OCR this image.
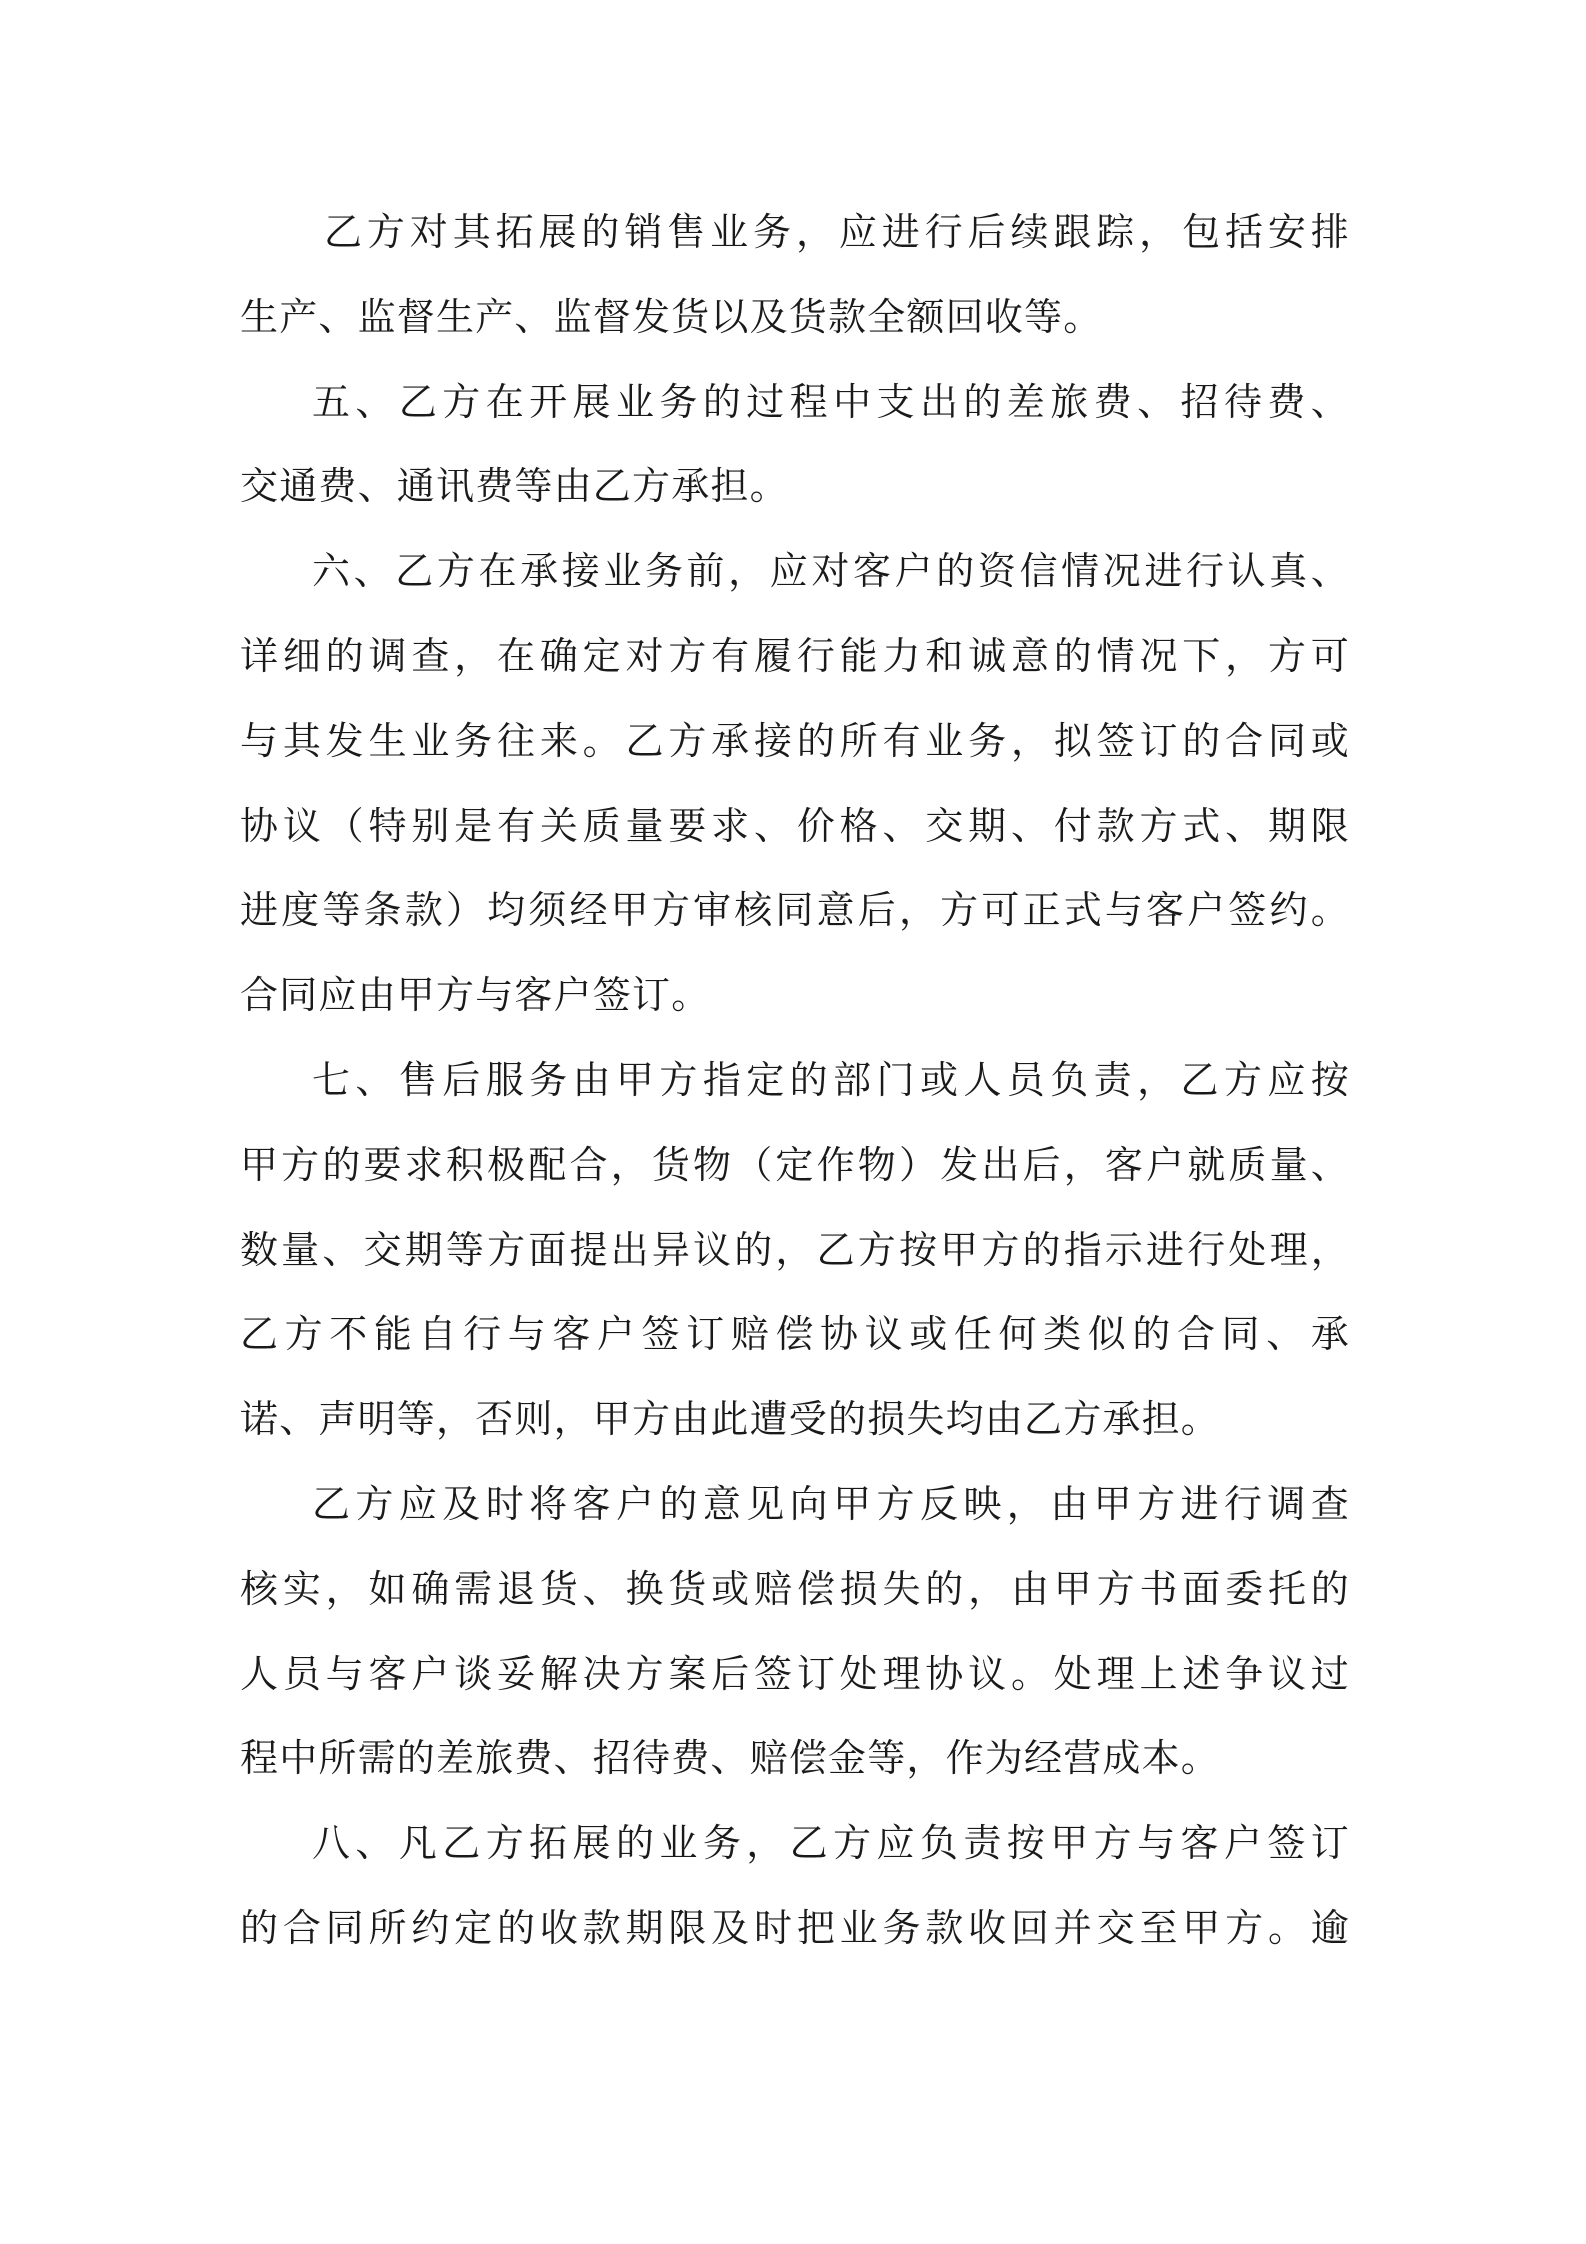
乙方对其拓展的销售业务，应进行后续跟踪，包括安排
生产、监督生产、监督发货以及货款全额回收等。
五、乙方在开展业务的过程中支出的差旅费、招待费、
交通费、通讯费等由乙方承担。
六、乙方在承接业务前，应对客户的资信情况进行认真、
详细的调查，在确定对方有履行能力和诚意的情况下，方可
与其发生业务往来。乙方承接的所有业务，拟签订的合同或
协议（特别是有关质量要求、价格、交期、付款方式、期限
进度等条款）均须经甲方审核同意后，方可正式与客户签约。
合同应由甲方与客户签订。
七、售后服务由甲方指定的部门或人员负责，乙方应按
甲方的要求积极配合，货物（定作物）发出后，客户就质量、
数量、交期等方面提出异议的，乙方按甲方的指示进行处理，
乙方不能自行与客户签订赔偿协议或任何类似的合同、承
诺、声明等，否则，甲方由此遭受的损失均由乙方承担。
乙方应及时将客户的意见向甲方反映，由甲方进行调查
核实，如确需退货、换货或赔偿损失的，由甲方书面委托的
人员与客户谈妥解决方案后签订处理协议。处理上述争议过
程中所需的差旅费、招待费、赔偿金等，作为经营成本。
八、凡乙方拓展的业务，乙方应负责按甲方与客户签订
的合同所约定的收款期限及时把业务款收回并交至甲方。逾
